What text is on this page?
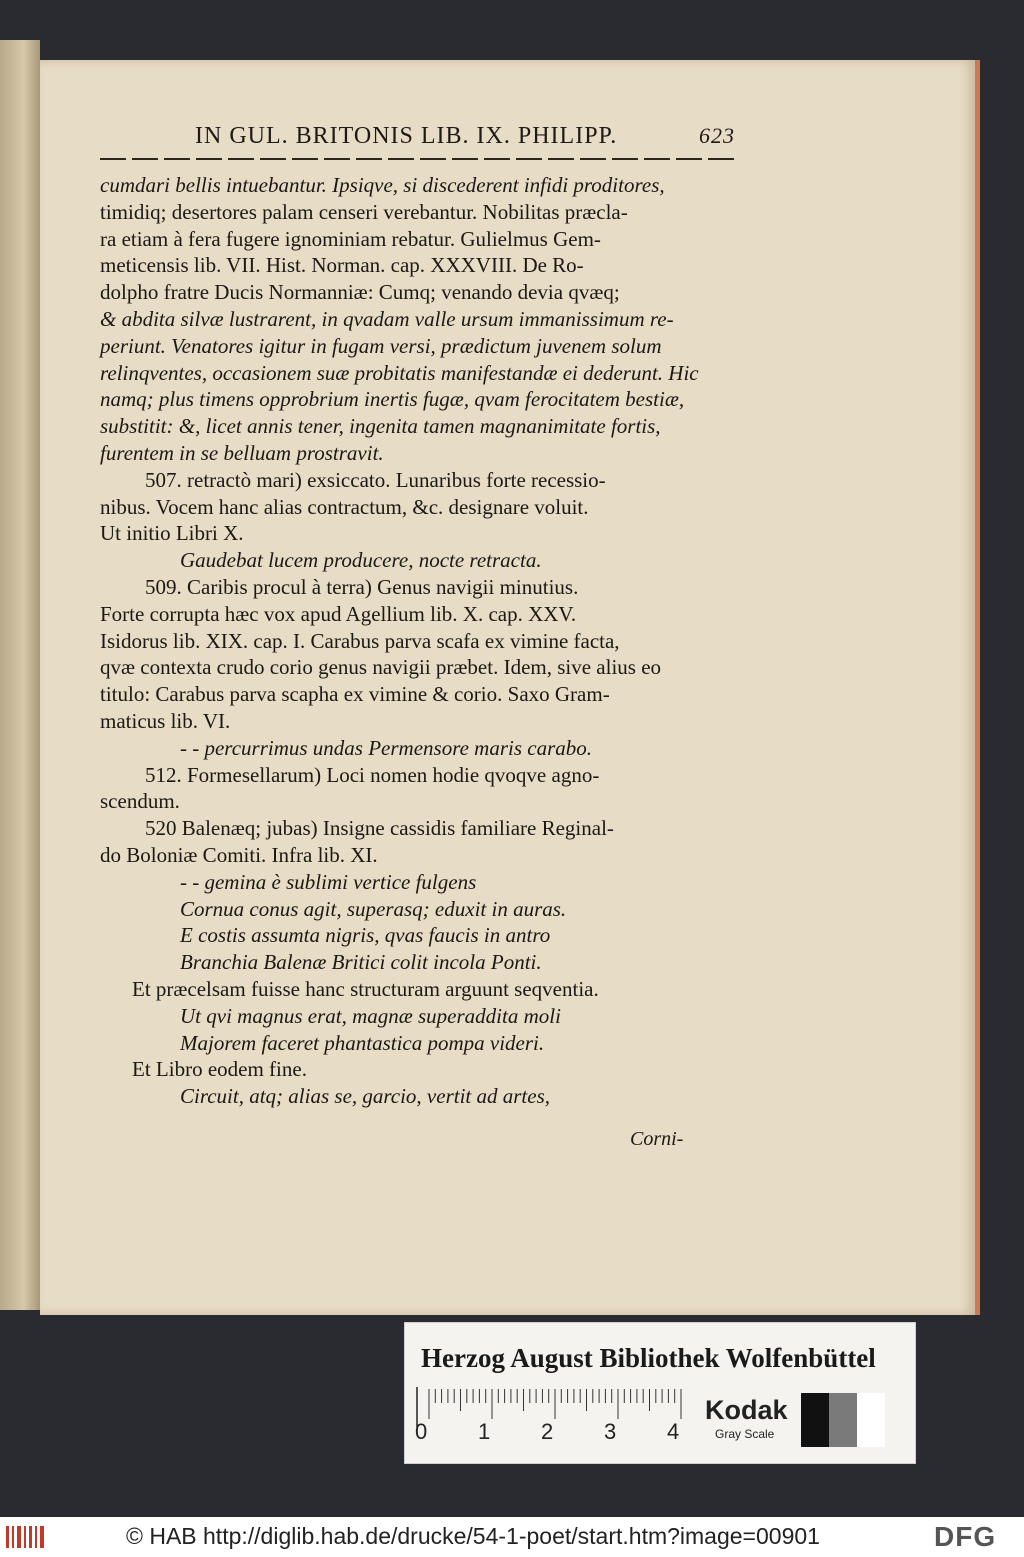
IN GUL. BRITONIS LIB. IX. PHILIPP.	623
cumdari bellis intuebantur. Ipsiqve, si discederent infidi proditores,
timidiq; desertores palam censeri verebantur. Nobilitas præcla-
ra etiam à fera fugere ignominiam rebatur. Gulielmus Gem-
meticensis lib. VII. Hist. Norman. cap. XXXVIII. De Ro-
dolpho fratre Ducis Normanniæ: Cumq; venando devia qvæq;
& abdita silvæ lustrarent, in qvadam valle ursum immanissimum re-
periunt. Venatores igitur in fugam versi, prædictum juvenem solum
relinqventes, occasionem suæ probitatis manifestandæ ei dederunt. Hic
namq; plus timens opprobrium inertis fugæ, qvam ferocitatem bestiæ,
substitit: &, licet annis tener, ingenita tamen magnanimitate fortis,
furentem in se belluam prostravit.
507. retractò mari) exsiccato. Lunaribus forte recessio-
nibus. Vocem hanc alias contractum, &c. designare voluit.
Ut initio Libri X.
Gaudebat lucem producere, nocte retracta.
509. Caribis procul à terra) Genus navigii minutius.
Forte corrupta hæc vox apud Agellium lib. X. cap. XXV.
Isidorus lib. XIX. cap. I. Carabus parva scafa ex vimine facta,
qvæ contexta crudo corio genus navigii præbet. Idem, sive alius eo
titulo: Carabus parva scapha ex vimine & corio. Saxo Gram-
maticus lib. VI.
- - percurrimus undas Permensore maris carabo.
512. Formesellarum) Loci nomen hodie qvoqve agno-
scendum.
520 Balenæq; jubas) Insigne cassidis familiare Reginal-
do Boloniæ Comiti. Infra lib. XI.
- - gemina è sublimi vertice fulgens
Cornua conus agit, superasq; eduxit in auras.
E costis assumta nigris, qvas faucis in antro
Branchia Balenæ Britici colit incola Ponti.
Et præcelsam fuisse hanc structuram arguunt seqventia.
Ut qvi magnus erat, magnæ superaddita moli
Majorem faceret phantastica pompa videri.
Et Libro eodem fine.
Circuit, atq; alias se, garcio, vertit ad artes,
Corni-
Herzog August Bibliothek Wolfenbüttel
0 1 2 3 4
Kodak
Gray Scale
© HAB http://diglib.hab.de/drucke/54-1-poet/start.htm?image=00901	DFG
